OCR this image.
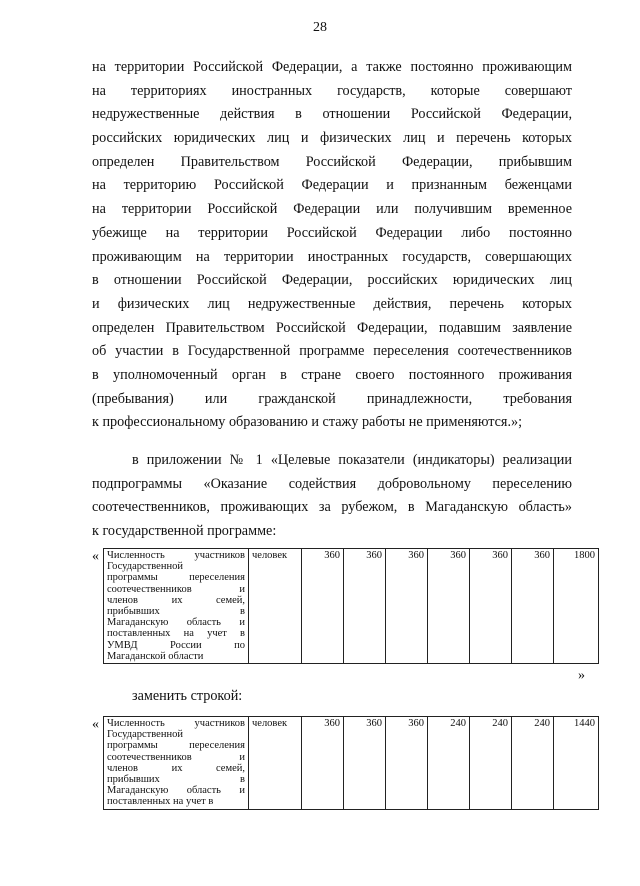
28
на территории Российской Федерации, а также постоянно проживающим
на территориях иностранных государств, которые совершают
недружественные действия в отношении Российской Федерации,
российских юридических лиц и физических лиц и перечень которых
определен Правительством Российской Федерации, прибывшим
на территорию Российской Федерации и признанным беженцами
на территории Российской Федерации или получившим временное
убежище на территории Российской Федерации либо постоянно
проживающим на территории иностранных государств, совершающих
в отношении Российской Федерации, российских юридических лиц
и физических лиц недружественные действия, перечень которых
определен Правительством Российской Федерации, подавшим заявление
об участии в Государственной программе переселения соотечественников
в уполномоченный орган в стране своего постоянного проживания
(пребывания) или гражданской принадлежности, требования
к профессиональному образованию и стажу работы не применяются.»;
в приложении № 1 «Целевые показатели (индикаторы) реализации
подпрограммы «Оказание содействия добровольному переселению
соотечественников, проживающих за рубежом, в Магаданскую область»
к государственной программе:
« Численность участников
Государственной
программы переселения
соотечественников и
членов их семей,
прибывших в
Магаданскую область и
поставленных на учет в
УМВД России по
Магаданской области
	человек	360	360	360	360	360	360	1800
»
заменить строкой:
« Численность участников
Государственной
программы переселения
соотечественников и
членов их семей,
прибывших в
Магаданскую область и
поставленных на учет в
	человек	360	360	360	240	240	240	1440
